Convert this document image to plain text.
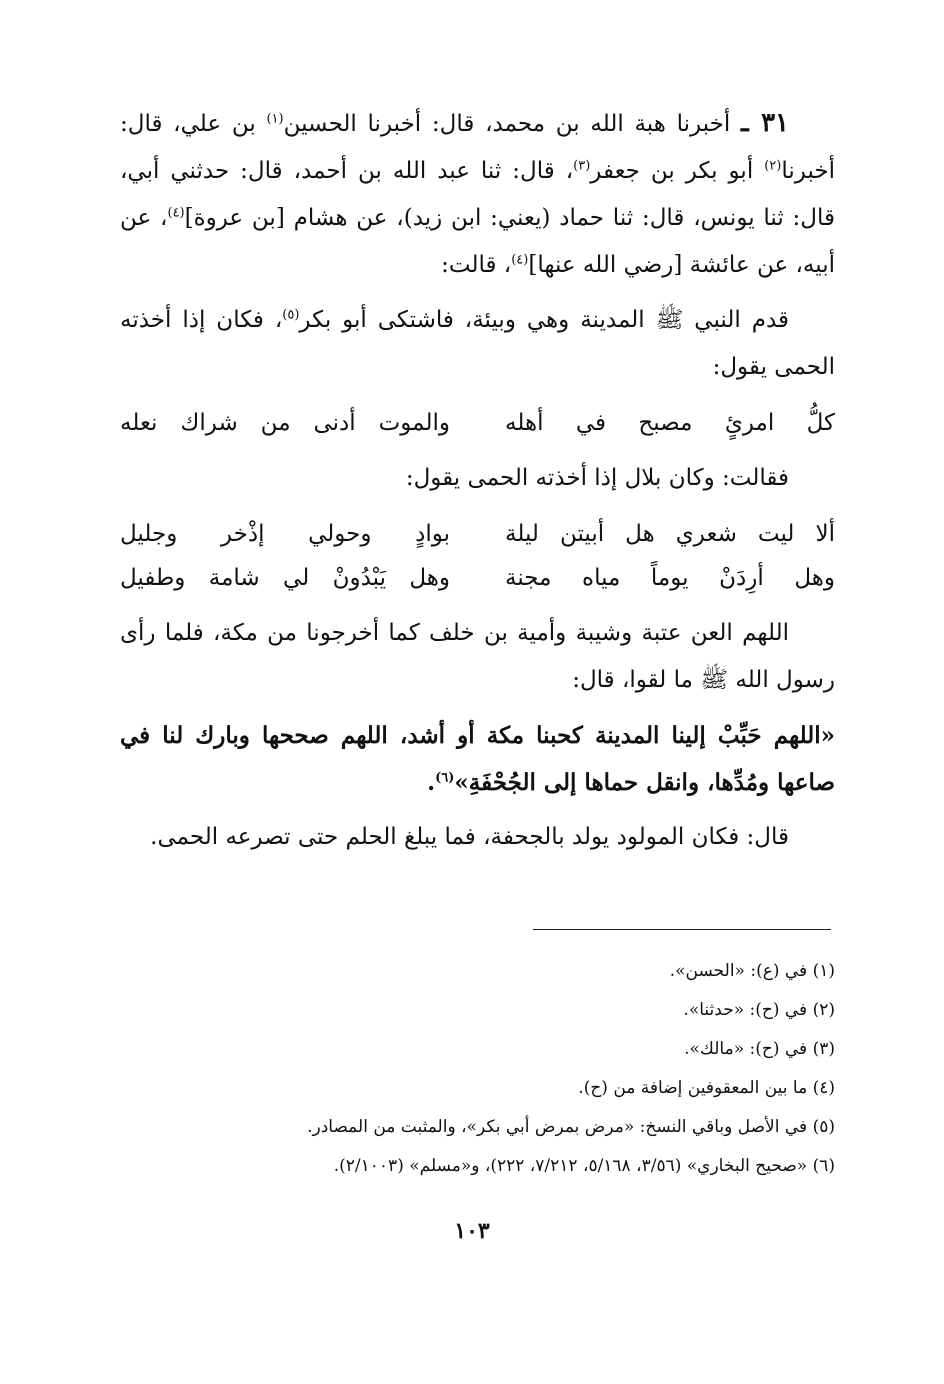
٣١ ـ أخبرنا هبة الله بن محمد، قال: أخبرنا الحسين$^{(١)}$ بن علي، قال: أخبرنا$^{(٢)}$ أبو بكر بن جعفر$^{(٣)}$، قال: ثنا عبد الله بن أحمد، قال: حدثني أبي، قال: ثنا يونس، قال: ثنا حماد (يعني: ابن زيد)، عن هشام [بن عروة]$^{(٤)}$، عن أبيه، عن عائشة [رضي الله عنها]$^{(٤)}$، قالت:

قدم النبي ﷺ المدينة وهي وبيئة، فاشتكى أبو بكر$^{(٥)}$، فكان إذا أخذته الحمى يقول:

كلُّ امرئٍ مصبح في أهله
والموت أدنى من شراك نعله

فقالت: وكان بلال إذا أخذته الحمى يقول:

ألا ليت شعري هل أبيتن ليلة
بوادٍ وحولي إذْخر وجليل
وهل أرِدَنْ يوماً مياه مجنة
وهل يَبْدُونْ لي شامة وطفيل

اللهم العن عتبة وشيبة وأمية بن خلف كما أخرجونا من مكة، فلما رأى رسول الله ﷺ ما لقوا، قال:

«اللهم حَبِّبْ إلينا المدينة كحبنا مكة أو أشد، اللهم صححها وبارك لنا في صاعها ومُدِّها، وانقل حماها إلى الجُحْفَةِ»$^{(٦)}$.

قال: فكان المولود يولد بالجحفة، فما يبلغ الحلم حتى تصرعه الحمى.

(١) في (ع): «الحسن».
(٢) في (ح): «حدثنا».
(٣) في (ح): «مالك».
(٤) ما بين المعقوفين إضافة من (ح).
(٥) في الأصل وباقي النسخ: «مرض بمرض أبي بكر»، والمثبت من المصادر.
(٦) «صحيح البخاري» (٣/٥٦، ٥/١٦٨، ٧/٢١٢، ٢٢٢)، و«مسلم» (٢/١٠٠٣).
١٠٣
